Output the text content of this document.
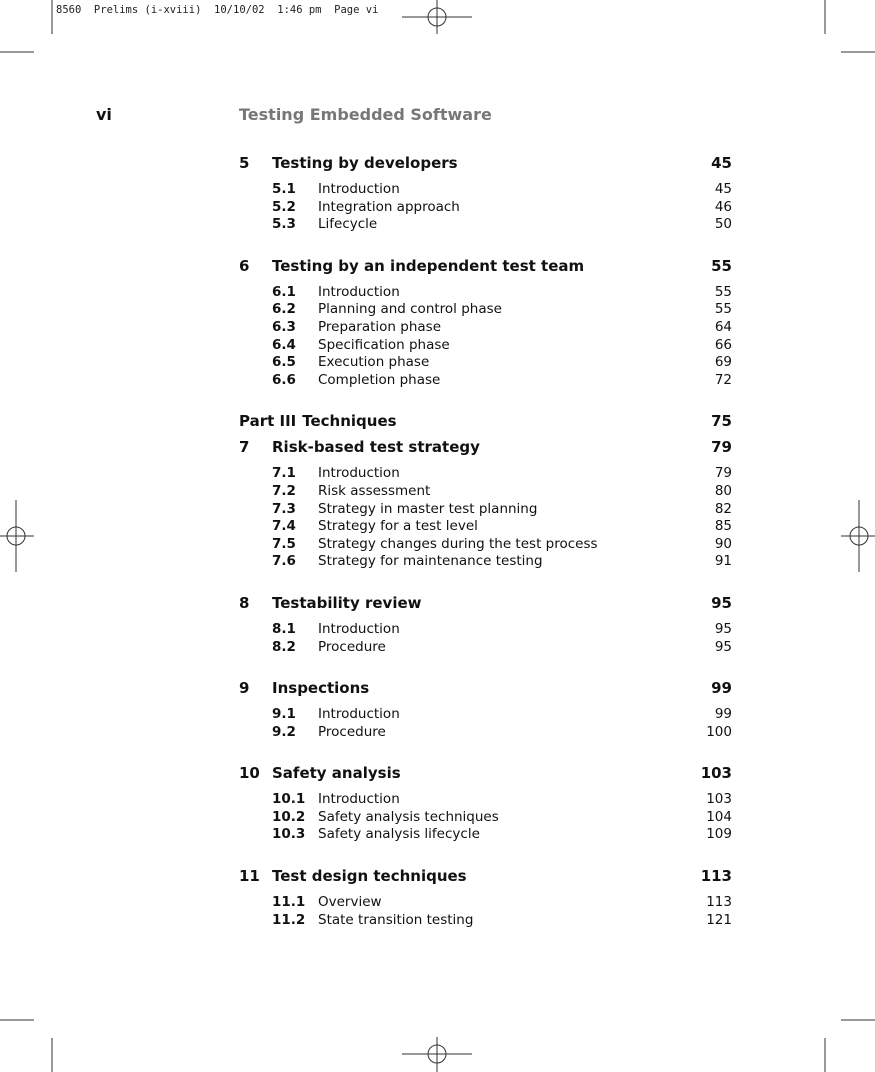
8560  Prelims (i-xviii)  10/10/02  1:46 pm  Page vi
vi	Testing Embedded Software
5	Testing by developers	45
5.1	Introduction	45
5.2	Integration approach	46
5.3	Lifecycle	50
6	Testing by an independent test team	55
6.1	Introduction	55
6.2	Planning and control phase	55
6.3	Preparation phase	64
6.4	Specification phase	66
6.5	Execution phase	69
6.6	Completion phase	72
Part III Techniques	75
7	Risk-based test strategy	79
7.1	Introduction	79
7.2	Risk assessment	80
7.3	Strategy in master test planning	82
7.4	Strategy for a test level	85
7.5	Strategy changes during the test process	90
7.6	Strategy for maintenance testing	91
8	Testability review	95
8.1	Introduction	95
8.2	Procedure	95
9	Inspections	99
9.1	Introduction	99
9.2	Procedure	100
10 Safety analysis	103
10.1 Introduction	103
10.2 Safety analysis techniques	104
10.3 Safety analysis lifecycle	109
11 Test design techniques	113
11.1 Overview	113
11.2 State transition testing	121
